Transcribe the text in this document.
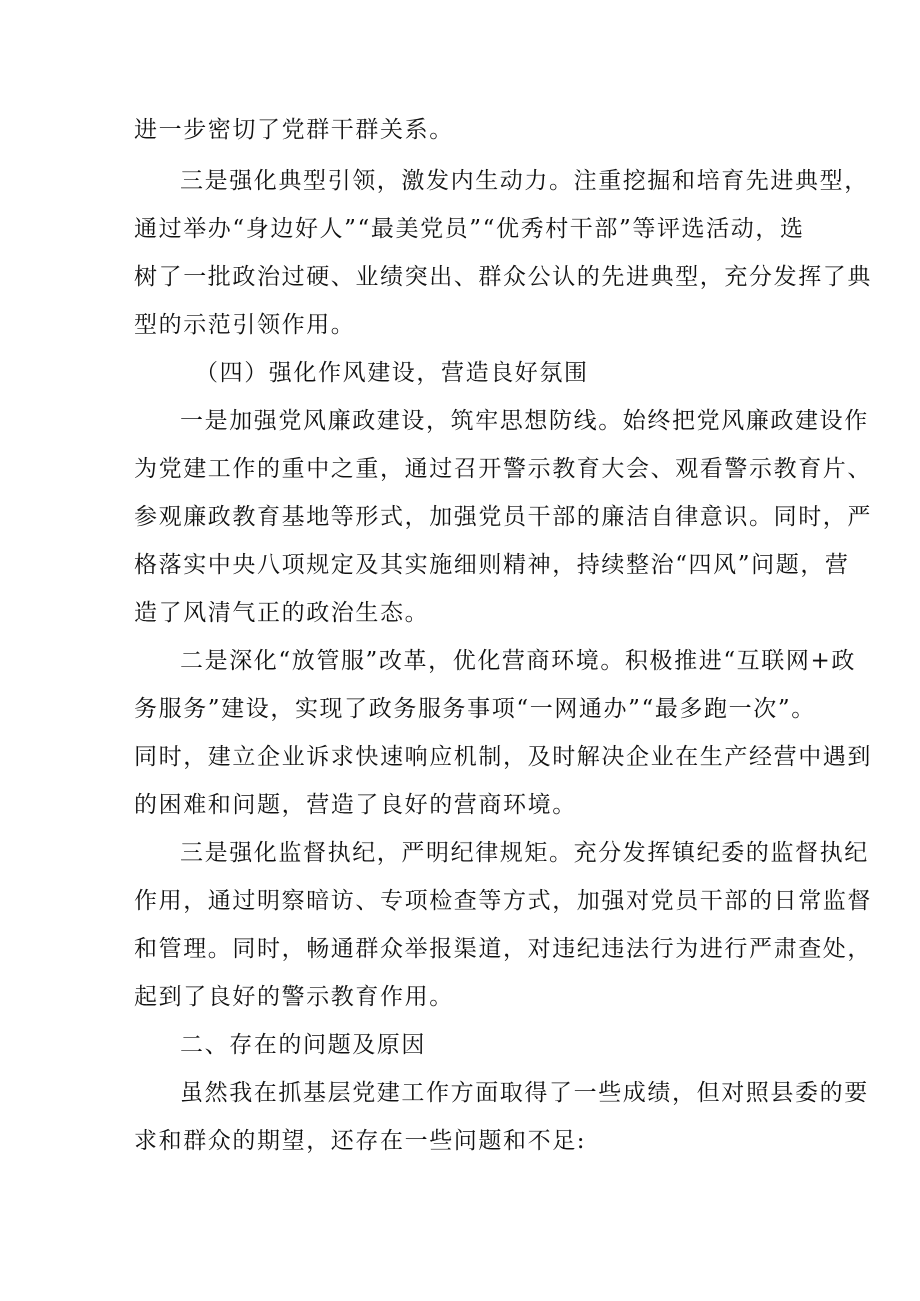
进一步密切了党群干群关系。
三是强化典型引领，激发内生动力。注重挖掘和培育先进典型，
通过举办“身边好人”“最美党员”“优秀村干部”等评选活动，选
树了一批政治过硬、业绩突出、群众公认的先进典型，充分发挥了典
型的示范引领作用。
（四）强化作风建设，营造良好氛围
一是加强党风廉政建设，筑牢思想防线。始终把党风廉政建设作
为党建工作的重中之重，通过召开警示教育大会、观看警示教育片、
参观廉政教育基地等形式，加强党员干部的廉洁自律意识。同时，严
格落实中央八项规定及其实施细则精神，持续整治“四风”问题，营
造了风清气正的政治生态。
二是深化“放管服”改革，优化营商环境。积极推进“互联网+政
务服务”建设，实现了政务服务事项“一网通办”“最多跑一次”。
同时，建立企业诉求快速响应机制，及时解决企业在生产经营中遇到
的困难和问题，营造了良好的营商环境。
三是强化监督执纪，严明纪律规矩。充分发挥镇纪委的监督执纪
作用，通过明察暗访、专项检查等方式，加强对党员干部的日常监督
和管理。同时，畅通群众举报渠道，对违纪违法行为进行严肃查处，
起到了良好的警示教育作用。
二、存在的问题及原因
虽然我在抓基层党建工作方面取得了一些成绩，但对照县委的要
求和群众的期望，还存在一些问题和不足:
